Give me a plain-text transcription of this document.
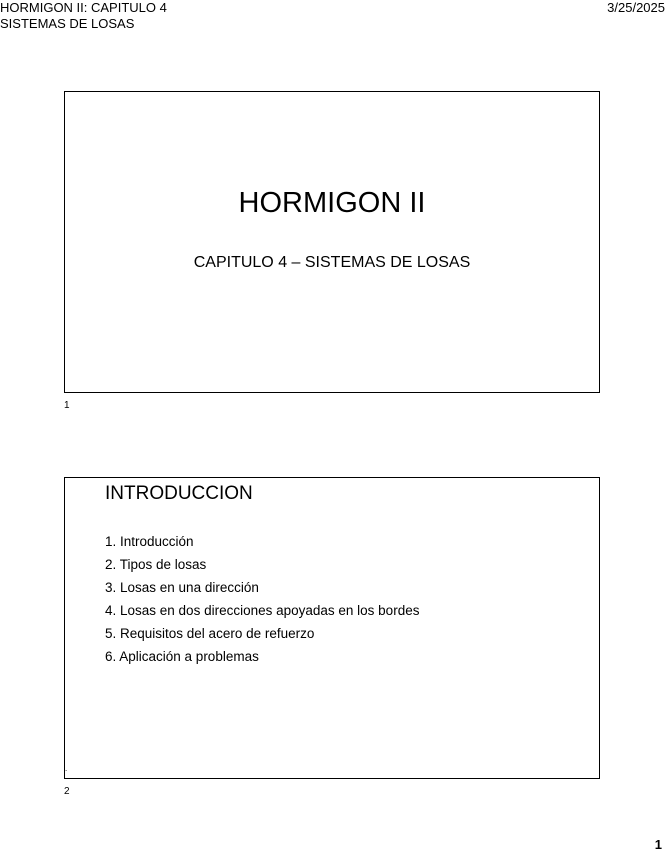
HORMIGON II: CAPITULO 4
SISTEMAS DE LOSAS
3/25/2025
HORMIGON II
CAPITULO 4 – SISTEMAS DE LOSAS
1
INTRODUCCION
1. Introducción
2. Tipos de losas
3. Losas en una dirección
4. Losas en dos direcciones apoyadas en los bordes
5. Requisitos del acero de refuerzo
6. Aplicación a problemas
.
2
1
